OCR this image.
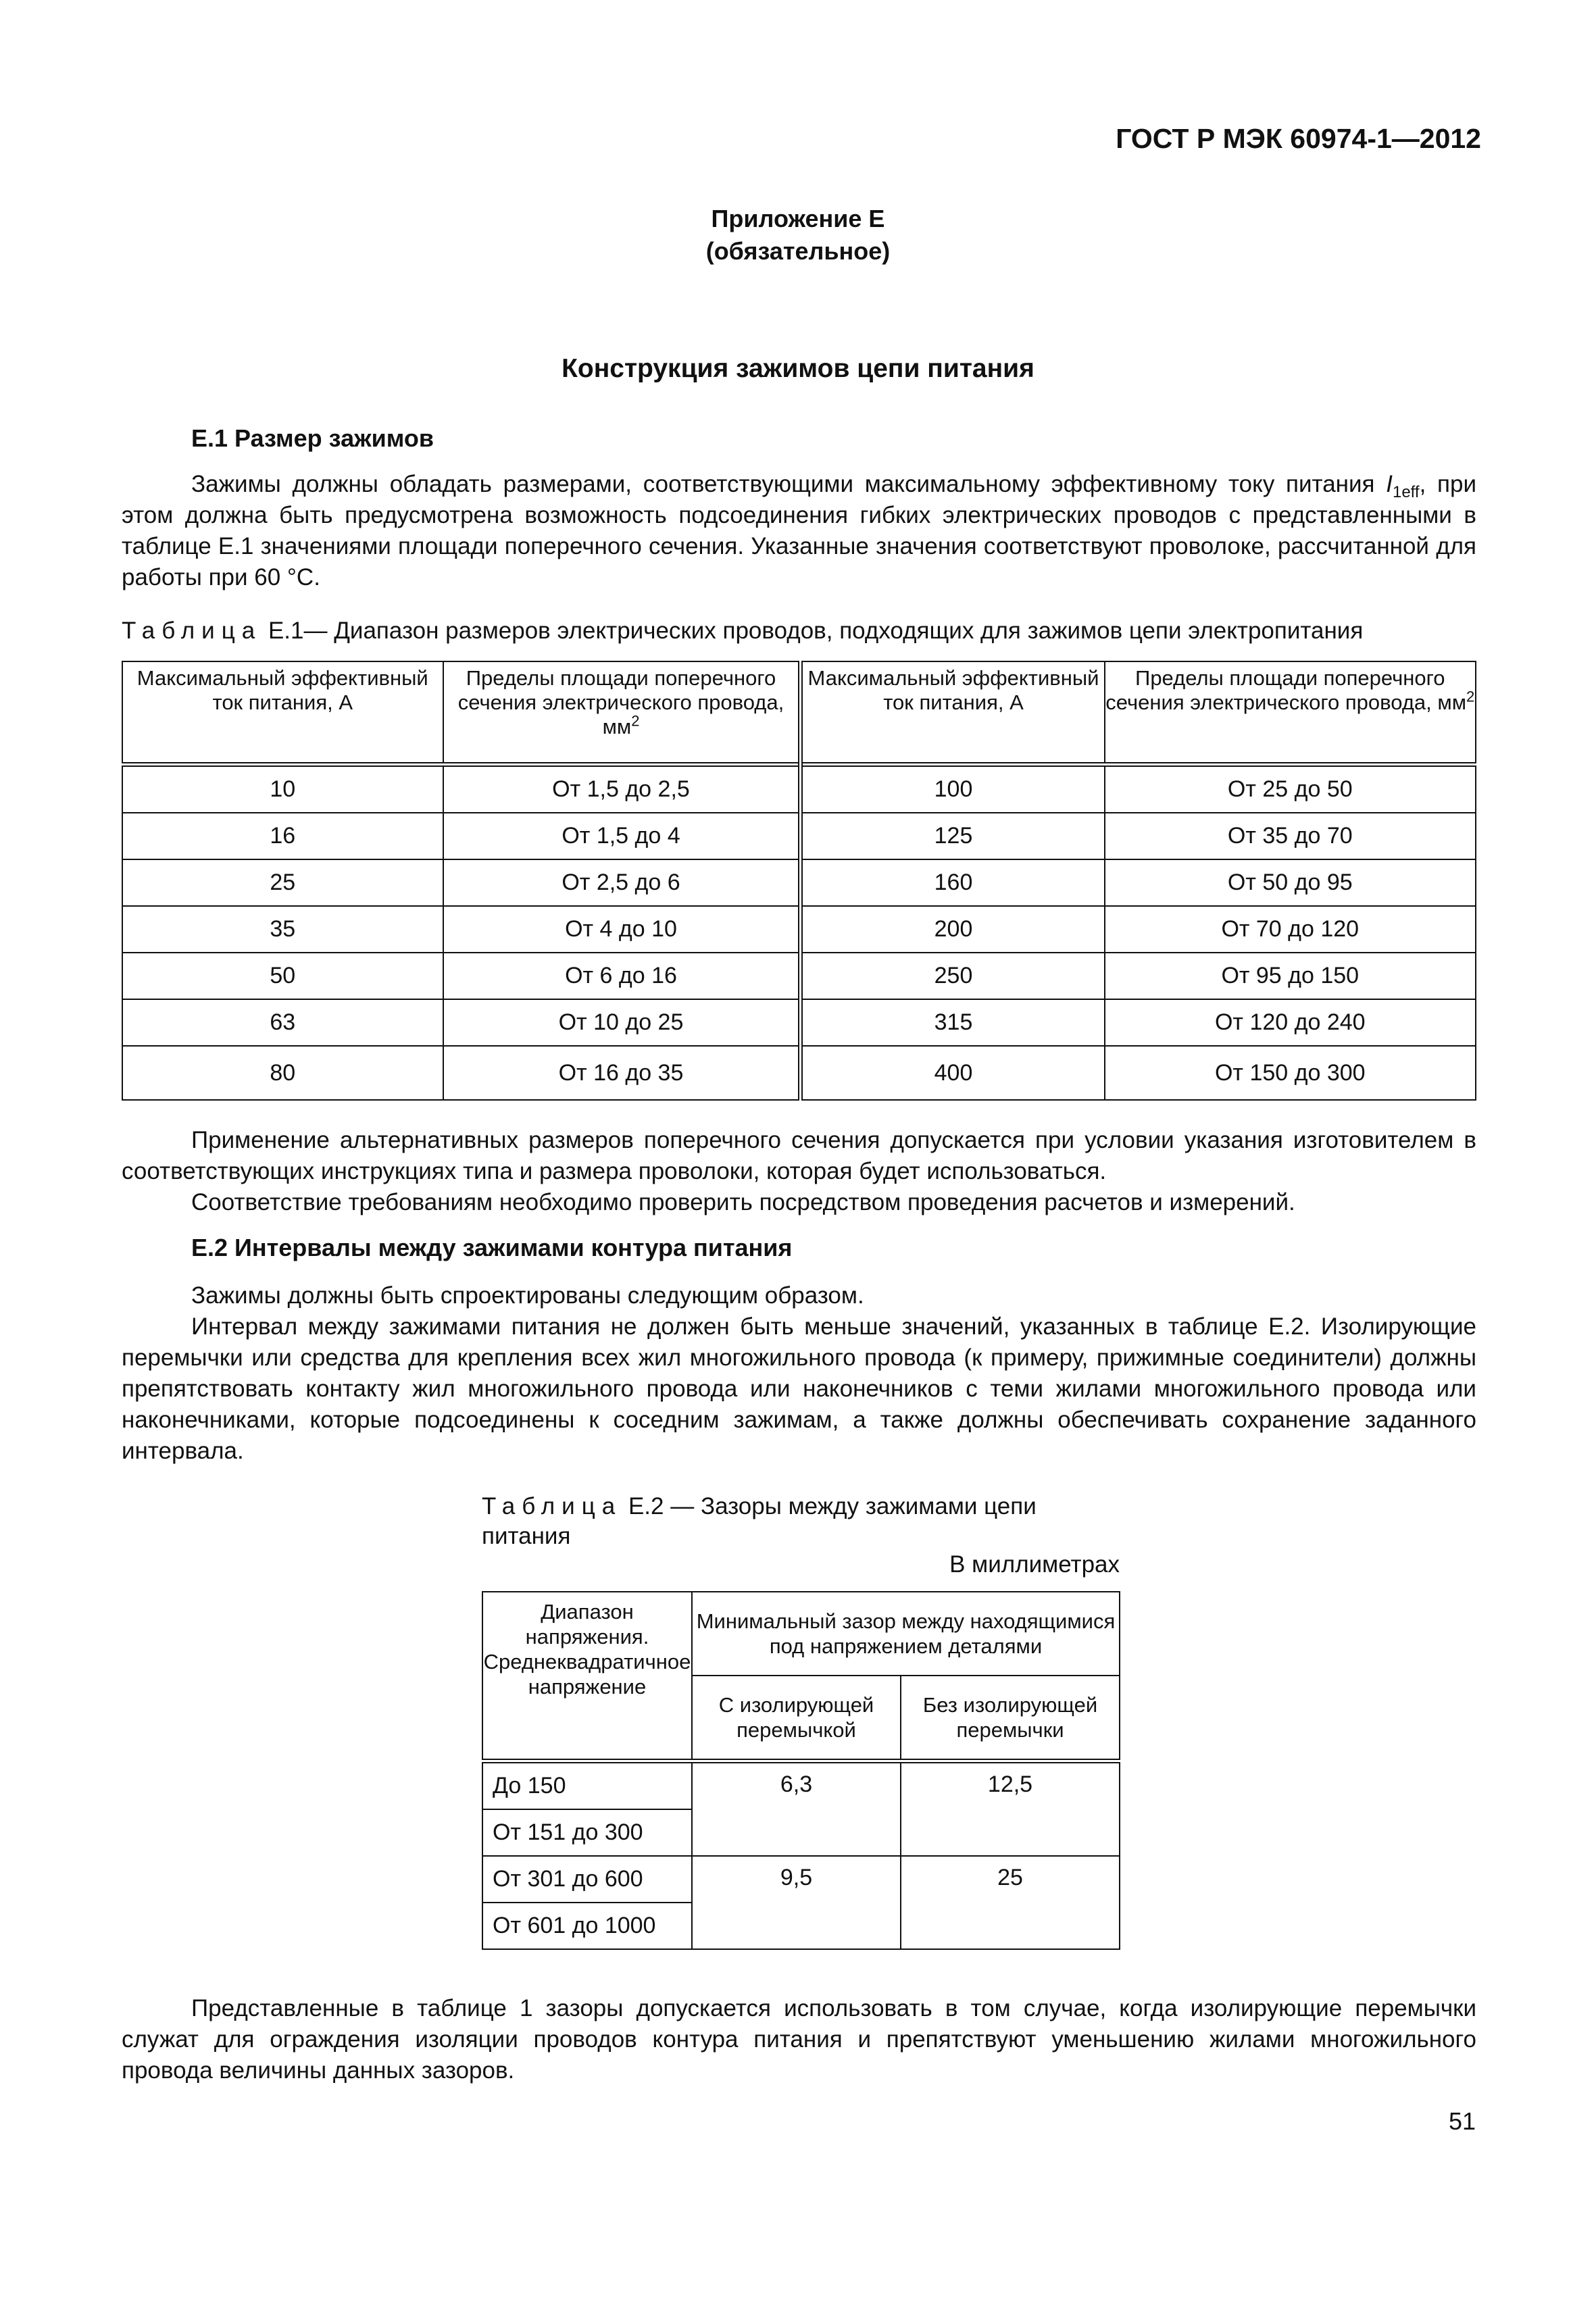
ГОСТ Р МЭК 60974-1—2012
Приложение E
(обязательное)
Конструкция зажимов цепи питания
E.1 Размер зажимов

Зажимы должны обладать размерами, соответствующими максимальному эффективному току питания $I_{1eff}$, при этом должна быть предусмотрена возможность подсоединения гибких электрических проводов с представленными в таблице E.1 значениями площади поперечного сечения. Указанные значения соответствуют проволоке, рассчитанной для работы при 60 °С.

Таблица E.1— Диапазон размеров электрических проводов, подходящих для зажимов цепи электропитания
Максимальный эффективный ток питания, А	Пределы площади поперечного сечения электрического провода, $мм^2$	Максимальный эффективный ток питания, А	Пределы площади поперечного сечения электрического провода, $мм^2$
10	От 1,5 до 2,5	100	От 25 до 50
16	От 1,5 до 4	125	От 35 до 70
25	От 2,5 до 6	160	От 50 до 95
35	От 4 до 10	200	От 70 до 120
50	От 6 до 16	250	От 95 до 150
63	От 10 до 25	315	От 120 до 240
80	От 16 до 35	400	От 150 до 300

Применение альтернативных размеров поперечного сечения допускается при условии указания изготовителем в соответствующих инструкциях типа и размера проволоки, которая будет использоваться.

Соответствие требованиям необходимо проверить посредством проведения расчетов и измерений.

E.2 Интервалы между зажимами контура питания

Зажимы должны быть спроектированы следующим образом.

Интервал между зажимами питания не должен быть меньше значений, указанных в таблице E.2. Изолирующие перемычки или средства для крепления всех жил многожильного провода (к примеру, прижимные соединители) должны препятствовать контакту жил многожильного провода или наконечников с теми жилами многожильного провода или наконечниками, которые подсоединены к соседним зажимам, а также должны обеспечивать сохранение заданного интервала.

Таблица E.2 — Зазоры между зажимами цепи питания
В миллиметрах
Диапазон напряжения. Среднеквадратичное напряжение	Минимальный зазор между находящимися под напряжением деталями	
	С изолирующей перемычкой	Без изолирующей перемычки
До 150	6,3	12,5
От 151 до 300		
От 301 до 600	9,5	25
От 601 до 1000		

Представленные в таблице 1 зазоры допускается использовать в том случае, когда изолирующие перемычки служат для ограждения изоляции проводов контура питания и препятствуют уменьшению жилами многожильного провода величины данных зазоров.

51
